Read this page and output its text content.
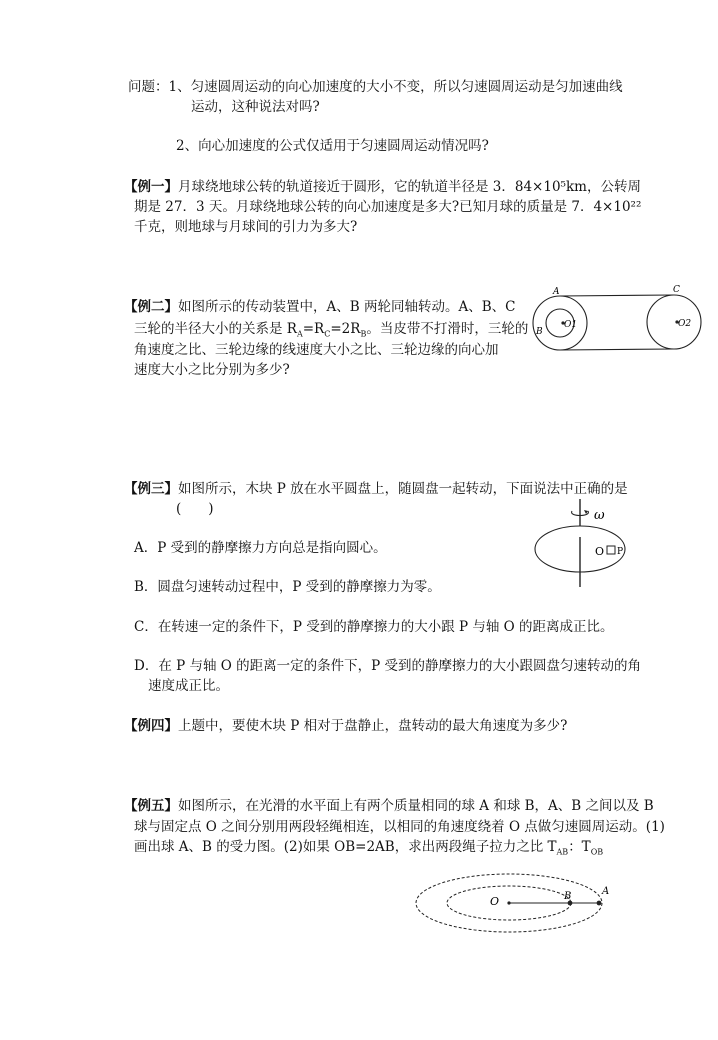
问题：1、匀速圆周运动的向心加速度的大小不变，所以匀速圆周运动是匀加速曲线
运动，这种说法对吗?
2、向心加速度的公式仅适用于匀速圆周运动情况吗?
【例一】月球绕地球公转的轨道接近于圆形，它的轨道半径是 3．84×10⁵km，公转周
期是 27．3 天。月球绕地球公转的向心加速度是多大?已知月球的质量是 7．4×10²²
千克，则地球与月球间的引力为多大?
【例二】如图所示的传动装置中，A、B 两轮同轴转动。A、B、C
三轮的半径大小的关系是 $R_A=R_C=2R_B$。当皮带不打滑时，三轮的
角速度之比、三轮边缘的线速度大小之比、三轮边缘的向心加
速度大小之比分别为多少?
A
B
C
O1	O2
【例三】如图所示，木块 P 放在水平圆盘上，随圆盘一起转动，下面说法中正确的是
(　　)
A．P 受到的静摩擦力方向总是指向圆心。
B．圆盘匀速转动过程中，P 受到的静摩擦力为零。
C．在转速一定的条件下，P 受到的静摩擦力的大小跟 P 与轴 O 的距离成正比。
D．在 P 与轴 O 的距离一定的条件下，P 受到的静摩擦力的大小跟圆盘匀速转动的角
速度成正比。
ω
O P
【例四】上题中，要使木块 P 相对于盘静止，盘转动的最大角速度为多少?
【例五】如图所示，在光滑的水平面上有两个质量相同的球 A 和球 B，A、B 之间以及 B
球与固定点 O 之间分别用两段轻绳相连，以相同的角速度绕着 O 点做匀速圆周运动。(1)
画出球 A、B 的受力图。(2)如果 OB=2AB，求出两段绳子拉力之比 $T_{AB}$：$T_{OB}$
O	B	A
